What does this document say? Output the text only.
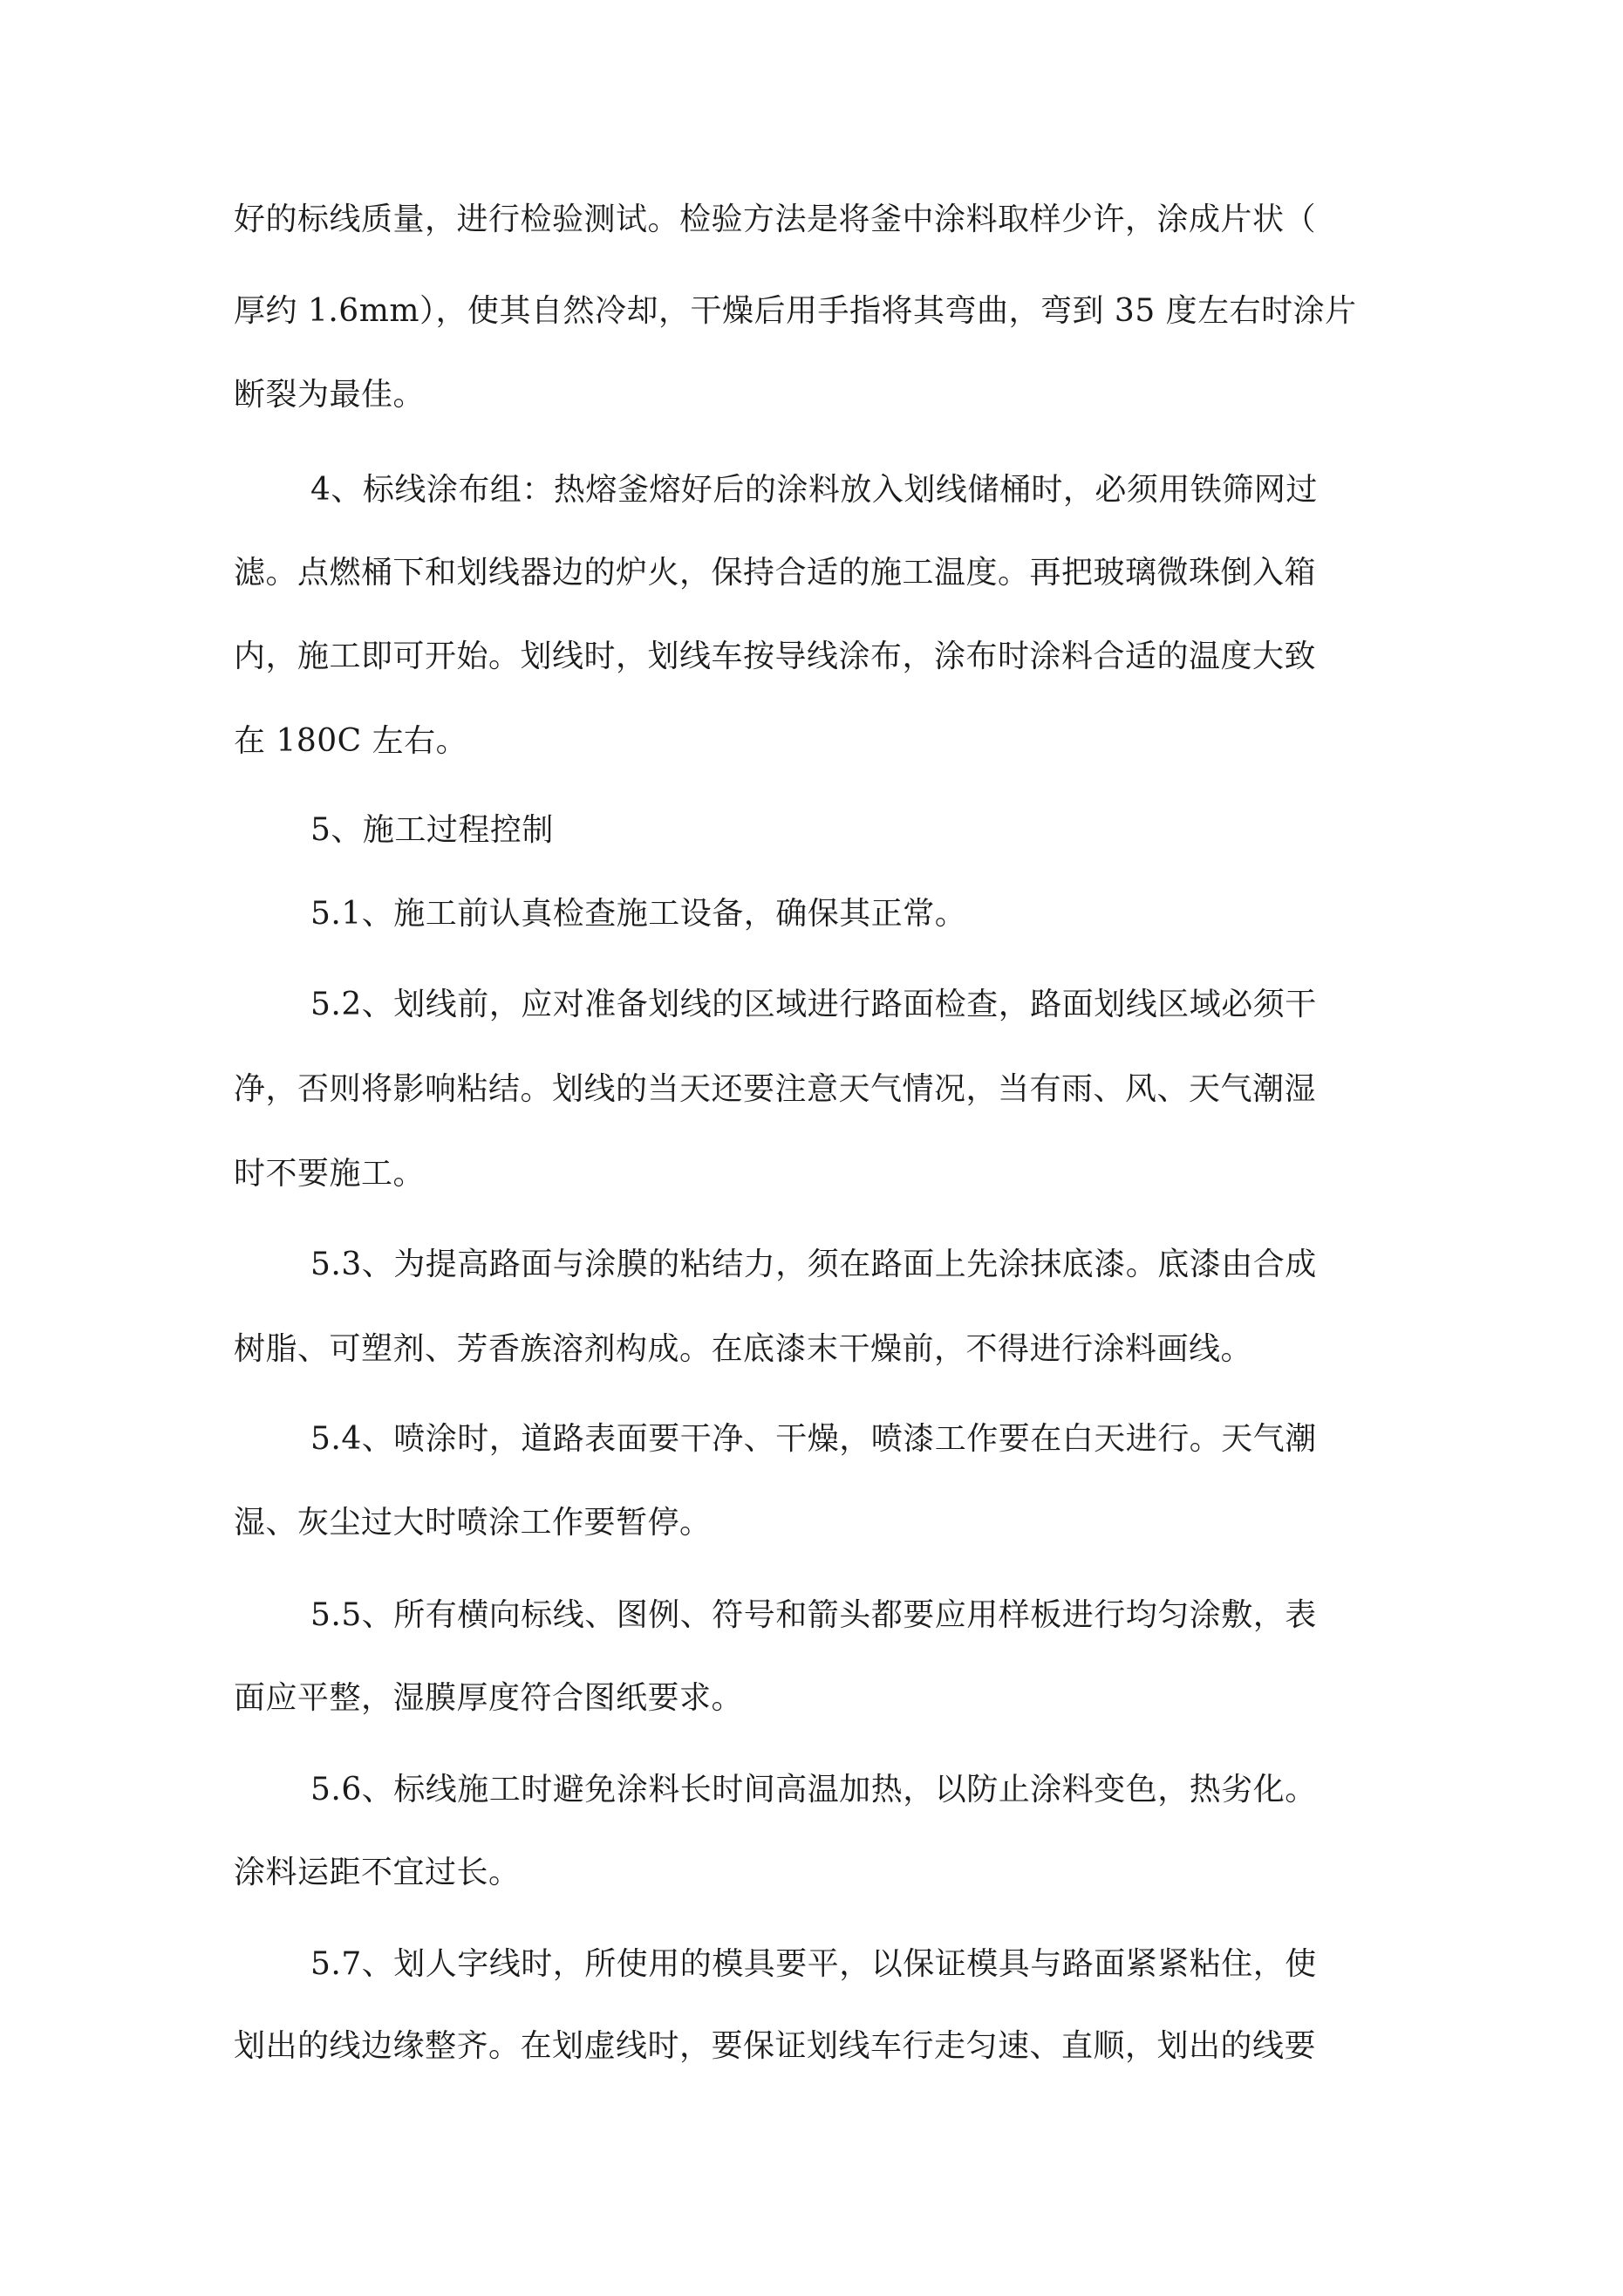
好的标线质量，进行检验测试。检验方法是将釜中涂料取样少许，涂成片状（
厚约 1.6mm），使其自然冷却，干燥后用手指将其弯曲，弯到 35 度左右时涂片
断裂为最佳。
4、标线涂布组：热熔釜熔好后的涂料放入划线储桶时，必须用铁筛网过
滤。点燃桶下和划线器边的炉火，保持合适的施工温度。再把玻璃微珠倒入箱
内，施工即可开始。划线时，划线车按导线涂布，涂布时涂料合适的温度大致
在 180C 左右。
5、施工过程控制
5.1、施工前认真检查施工设备，确保其正常。
5.2、划线前，应对准备划线的区域进行路面检查，路面划线区域必须干
净，否则将影响粘结。划线的当天还要注意天气情况，当有雨、风、天气潮湿
时不要施工。
5.3、为提高路面与涂膜的粘结力，须在路面上先涂抹底漆。底漆由合成
树脂、可塑剂、芳香族溶剂构成。在底漆末干燥前，不得进行涂料画线。
5.4、喷涂时，道路表面要干净、干燥，喷漆工作要在白天进行。天气潮
湿、灰尘过大时喷涂工作要暂停。
5.5、所有横向标线、图例、符号和箭头都要应用样板进行均匀涂敷，表
面应平整，湿膜厚度符合图纸要求。
5.6、标线施工时避免涂料长时间高温加热，以防止涂料变色，热劣化。
涂料运距不宜过长。
5.7、划人字线时，所使用的模具要平，以保证模具与路面紧紧粘住，使
划出的线边缘整齐。在划虚线时，要保证划线车行走匀速、直顺，划出的线要
